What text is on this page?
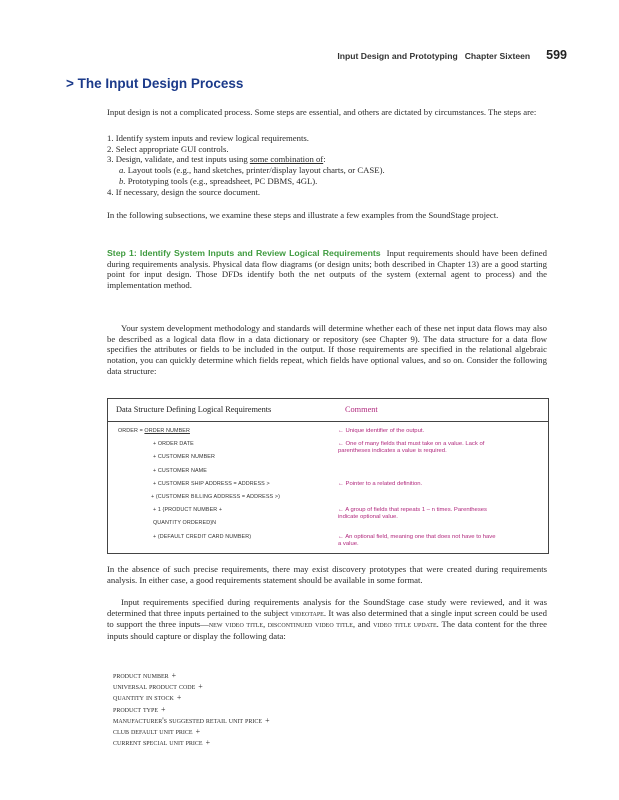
Input Design and Prototyping Chapter Sixteen 599
> The Input Design Process

Input design is not a complicated process. Some steps are essential, and others are dictated by circumstances. The steps are:

1. Identify system inputs and review logical requirements.
2. Select appropriate GUI controls.
3. Design, validate, and test inputs using some combination of:
a. Layout tools (e.g., hand sketches, printer/display layout charts, or CASE).
b. Prototyping tools (e.g., spreadsheet, PC DBMS, 4GL).
4. If necessary, design the source document.

In the following subsections, we examine these steps and illustrate a few examples from the SoundStage project.

Step 1: Identify System Inputs and Review Logical Requirements Input requirements should have been defined during requirements analysis. Physical data flow diagrams (or design units; both described in Chapter 13) are a good starting point for input design. Those DFDs identify both the net outputs of the system (external agent to process) and the implementation method.

Your system development methodology and standards will determine whether each of these net input data flows may also be described as a logical data flow in a data dictionary or repository (see Chapter 9). The data structure for a data flow specifies the attributes or fields to be included in the output. If those requirements are specified in the relational algebraic notation, you can quickly determine which fields repeat, which fields have optional values, and so on. Consider the following data structure:

Data Structure Defining Logical Requirements	Comment
ORDER = ORDER NUMBER	← Unique identifier of the output.
+ ORDER DATE	← One of many fields that must take on a value. Lack of parentheses indicates a value is required.
+ CUSTOMER NUMBER
+ CUSTOMER NAME
+ CUSTOMER SHIP ADDRESS = ADDRESS >	← Pointer to a related definition.
+ (CUSTOMER BILLING ADDRESS = ADDRESS >)
+ 1 {PRODUCT NUMBER +	← A group of fields that repeats 1 – n times. Parentheses indicate optional value.
QUANTITY ORDERED}N
+ (DEFAULT CREDIT CARD NUMBER)	← An optional field, meaning one that does not have to have a value.

In the absence of such precise requirements, there may exist discovery prototypes that were created during requirements analysis. In either case, a good requirements statement should be available in some format.

Input requirements specified during requirements analysis for the SoundStage case study were reviewed, and it was determined that three inputs pertained to the subject videotape. It was also determined that a single input screen could be used to support the three inputs—new video title, discontinued video title, and video title update. The data content for the three inputs should capture or display the following data:

product number +
universal product code +
quantity in stock +
product type +
manufacturer's suggested retail unit price +
club default unit price +
current special unit price +
